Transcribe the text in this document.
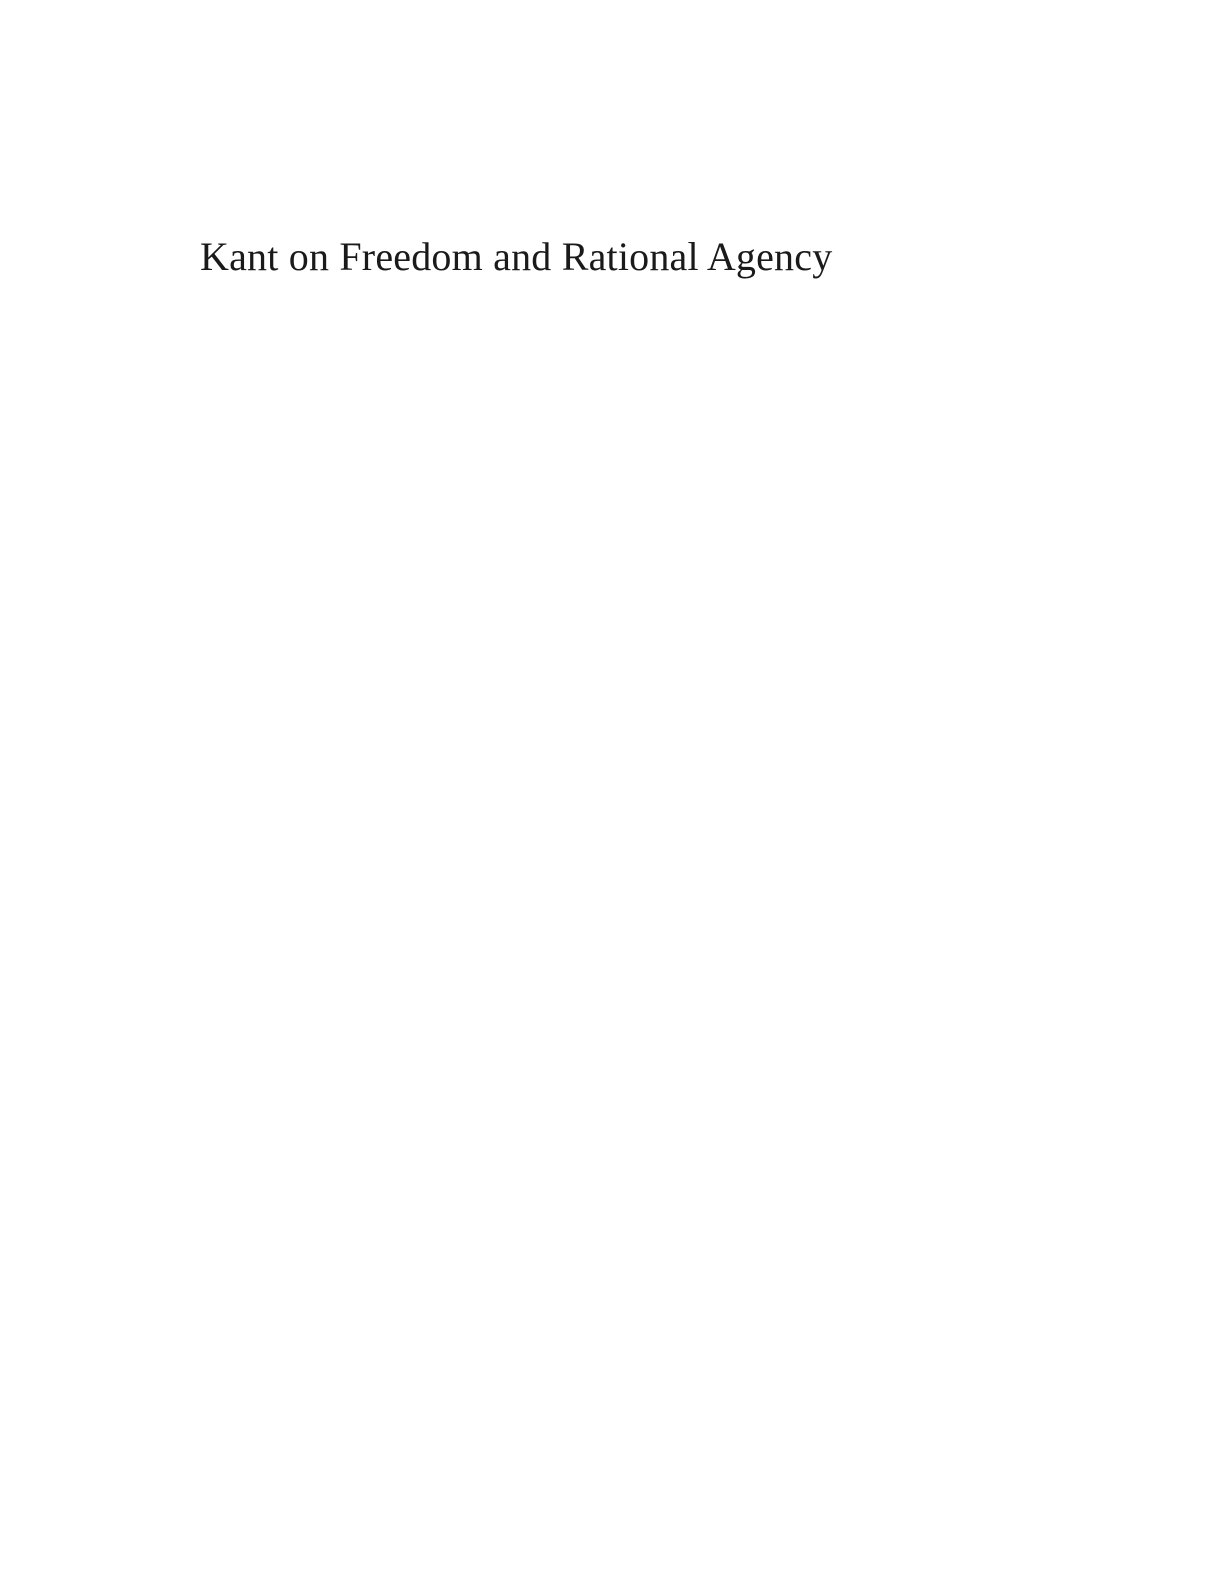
Kant on Freedom and Rational Agency
